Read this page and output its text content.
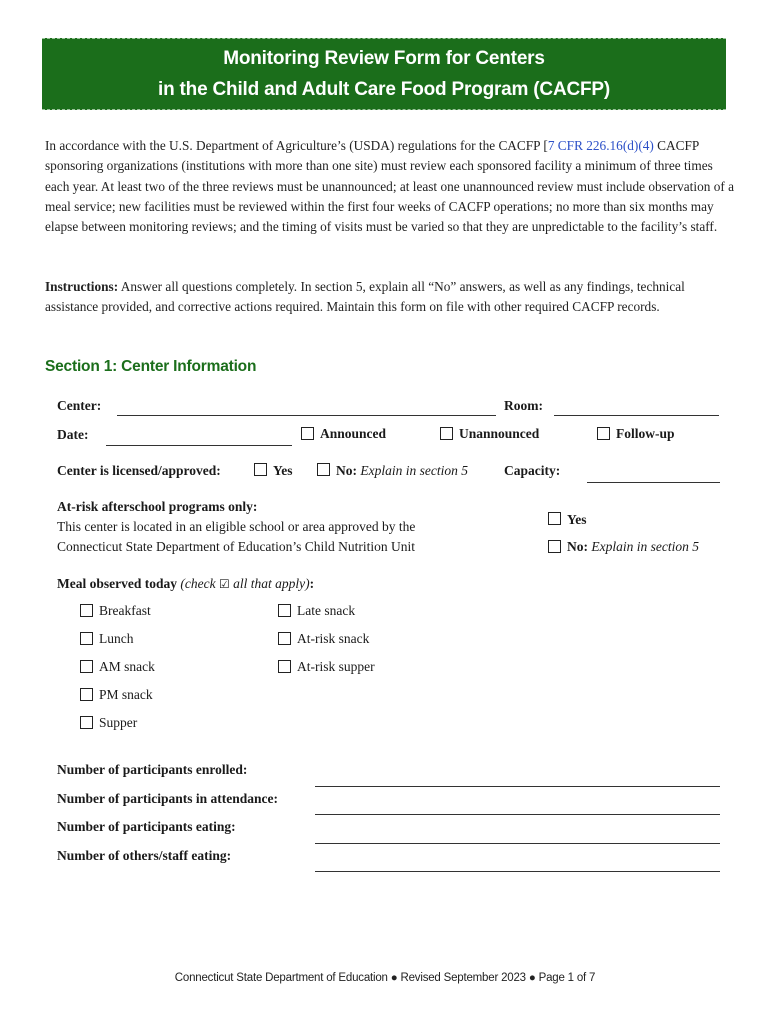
Monitoring Review Form for Centers
in the Child and Adult Care Food Program (CACFP)
In accordance with the U.S. Department of Agriculture’s (USDA) regulations for the CACFP [7 CFR 226.16(d)(4) CACFP sponsoring organizations (institutions with more than one site) must review each sponsored facility a minimum of three times each year. At least two of the three reviews must be unannounced; at least one unannounced review must include observation of a meal service; new facilities must be reviewed within the first four weeks of CACFP operations; no more than six months may elapse between monitoring reviews; and the timing of visits must be varied so that they are unpredictable to the facility’s staff.
Instructions: Answer all questions completely. In section 5, explain all “No” answers, as well as any findings, technical assistance provided, and corrective actions required. Maintain this form on file with other required CACFP records.
Section 1: Center Information
Center:	Room:
Date:	Announced	Unannounced	Follow-up
Center is licensed/approved:	Yes	No: Explain in section 5	Capacity:
At-risk afterschool programs only:
This center is located in an eligible school or area approved by the
Connecticut State Department of Education’s Child Nutrition Unit
Yes
No: Explain in section 5
Meal observed today (check ☑ all that apply):
Breakfast
Lunch
AM snack
PM snack
Supper
Late snack
At-risk snack
At-risk supper
Number of participants enrolled:
Number of participants in attendance:
Number of participants eating:
Number of others/staff eating:
Connecticut State Department of Education ● Revised September 2023 ● Page 1 of 7
